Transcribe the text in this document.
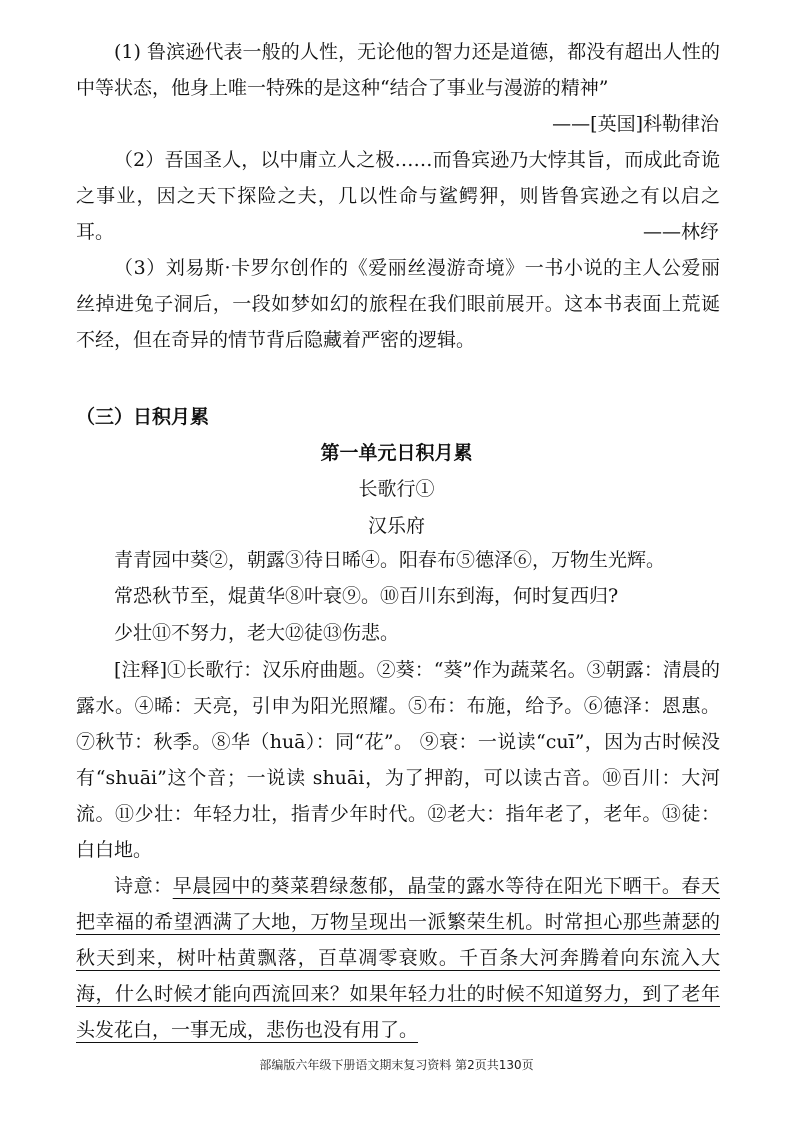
(1) 鲁滨逊代表一般的人性，无论他的智力还是道德，都没有超出人性的中等状态，他身上唯一特殊的是这种“结合了事业与漫游的精神”

——[英国]科勒律治

（2）吾国圣人，以中庸立人之极……而鲁宾逊乃大悖其旨，而成此奇诡之事业，因之天下探险之夫，几以性命与鲨鳄狎，则皆鲁宾逊之有以启之耳。	——林纾

（3）刘易斯·卡罗尔创作的《爱丽丝漫游奇境》一书小说的主人公爱丽丝掉进兔子洞后，一段如梦如幻的旅程在我们眼前展开。这本书表面上荒诞不经，但在奇异的情节背后隐藏着严密的逻辑。

（三）日积月累

第一单元日积月累

长歌行①

汉乐府

青青园中葵②，朝露③待日晞④。阳春布⑤德泽⑥，万物生光辉。

常恐秋节至，焜黄华⑧叶衰⑨。⑩百川东到海，何时复西归?

少壮⑪不努力，老大⑫徒⑬伤悲。

[注释]①长歌行：汉乐府曲题。②葵：“葵”作为蔬菜名。③朝露：清晨的露水。④晞：天亮，引申为阳光照耀。⑤布：布施，给予。⑥德泽：恩惠。⑦秋节：秋季。⑧华（huā）：同“花”。 ⑨衰：一说读“cuī”，因为古时候没有“shuāi”这个音；一说读 shuāi，为了押韵，可以读古音。⑩百川：大河流。⑪少壮：年轻力壮，指青少年时代。⑫老大：指年老了，老年。⑬徒：白白地。

诗意：早晨园中的葵菜碧绿葱郁，晶莹的露水等待在阳光下晒干。春天把幸福的希望洒满了大地，万物呈现出一派繁荣生机。时常担心那些萧瑟的秋天到来，树叶枯黄飘落，百草凋零衰败。千百条大河奔腾着向东流入大海，什么时候才能向西流回来？如果年轻力壮的时候不知道努力，到了老年头发花白，一事无成，悲伤也没有用了。

部编版六年级下册语文期末复习资料 第2页共130页
